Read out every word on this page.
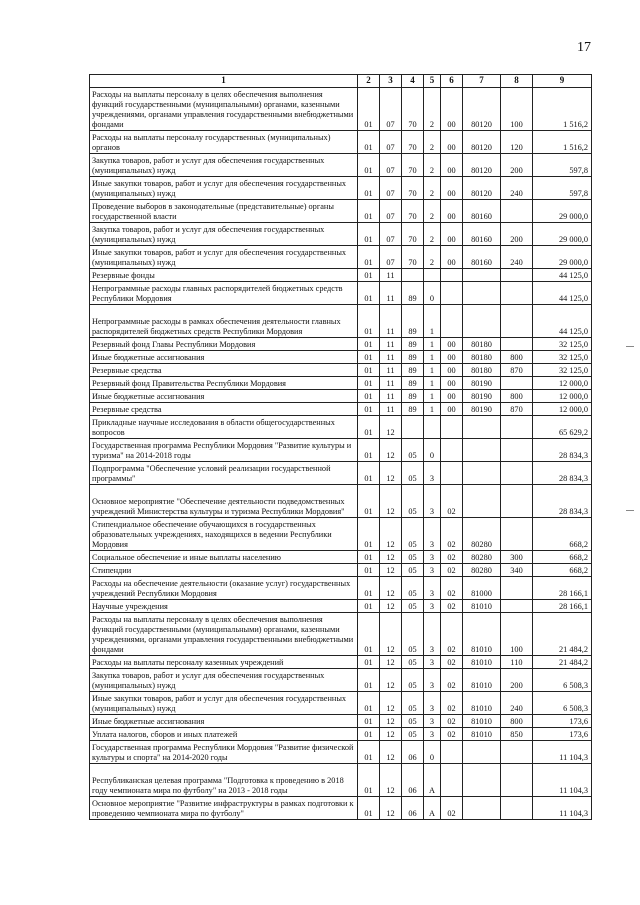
17
1	2	3	4	5	6	7	8	9
Расходы на выплаты персоналу в целях обеспечения выполнения функций государственными (муниципальными) органами, казенными учреждениями, органами управления государственными внебюджетными фондами	01	07	70	2	00	80120	100	1 516,2
Расходы на выплаты персоналу государственных (муниципальных) органов	01	07	70	2	00	80120	120	1 516,2
Закупка товаров, работ и услуг для обеспечения государственных (муниципальных) нужд	01	07	70	2	00	80120	200	597,8
Иные закупки товаров, работ и услуг для обеспечения государственных (муниципальных) нужд	01	07	70	2	00	80120	240	597,8
Проведение выборов в законодательные (представительные) органы государственной власти	01	07	70	2	00	80160		29 000,0
Закупка товаров, работ и услуг для обеспечения государственных (муниципальных) нужд	01	07	70	2	00	80160	200	29 000,0
Иные закупки товаров, работ и услуг для обеспечения государственных (муниципальных) нужд	01	07	70	2	00	80160	240	29 000,0
Резервные фонды	01	11						44 125,0
Непрограммные расходы главных распорядителей бюджетных средств Республики Мордовия	01	11	89	0				44 125,0
Непрограммные расходы в рамках обеспечения деятельности главных распорядителей бюджетных средств Республики Мордовия	01	11	89	1				44 125,0
Резервный фонд Главы Республики Мордовия	01	11	89	1	00	80180		32 125,0
Иные бюджетные ассигнования	01	11	89	1	00	80180	800	32 125,0
Резервные средства	01	11	89	1	00	80180	870	32 125,0
Резервный фонд Правительства Республики Мордовия	01	11	89	1	00	80190		12 000,0
Иные бюджетные ассигнования	01	11	89	1	00	80190	800	12 000,0
Резервные средства	01	11	89	1	00	80190	870	12 000,0
Прикладные научные исследования в области общегосударственных вопросов	01	12						65 629,2
Государственная программа Республики Мордовия "Развитие культуры и туризма" на 2014-2018 годы	01	12	05	0				28 834,3
Подпрограмма "Обеспечение условий реализации государственной программы"	01	12	05	3				28 834,3
Основное мероприятие "Обеспечение деятельности подведомственных учреждений Министерства культуры и туризма Республики Мордовия"	01	12	05	3	02			28 834,3
Стипендиальное обеспечение обучающихся в государственных образовательных учреждениях, находящихся в ведении Республики Мордовия	01	12	05	3	02	80280		668,2
Социальное обеспечение и иные выплаты населению	01	12	05	3	02	80280	300	668,2
Стипендии	01	12	05	3	02	80280	340	668,2
Расходы на обеспечение деятельности (оказание услуг) государственных учреждений Республики Мордовия	01	12	05	3	02	81000		28 166,1
Научные учреждения	01	12	05	3	02	81010		28 166,1
Расходы на выплаты персоналу в целях обеспечения выполнения функций государственными (муниципальными) органами, казенными учреждениями, органами управления государственными внебюджетными фондами	01	12	05	3	02	81010	100	21 484,2
Расходы на выплаты персоналу казенных учреждений	01	12	05	3	02	81010	110	21 484,2
Закупка товаров, работ и услуг для обеспечения государственных (муниципальных) нужд	01	12	05	3	02	81010	200	6 508,3
Иные закупки товаров, работ и услуг для обеспечения государственных (муниципальных) нужд	01	12	05	3	02	81010	240	6 508,3
Иные бюджетные ассигнования	01	12	05	3	02	81010	800	173,6
Уплата налогов, сборов и иных платежей	01	12	05	3	02	81010	850	173,6
Государственная программа Республики Мордовия "Развитие физической культуры и спорта" на 2014-2020 годы	01	12	06	0				11 104,3
Республиканская целевая программа "Подготовка к проведению в 2018 году чемпионата мира по футболу" на 2013 - 2018 годы	01	12	06	А				11 104,3
Основное мероприятие "Развитие инфраструктуры в рамках подготовки к проведению чемпионата мира по футболу"	01	12	06	А	02			11 104,3
